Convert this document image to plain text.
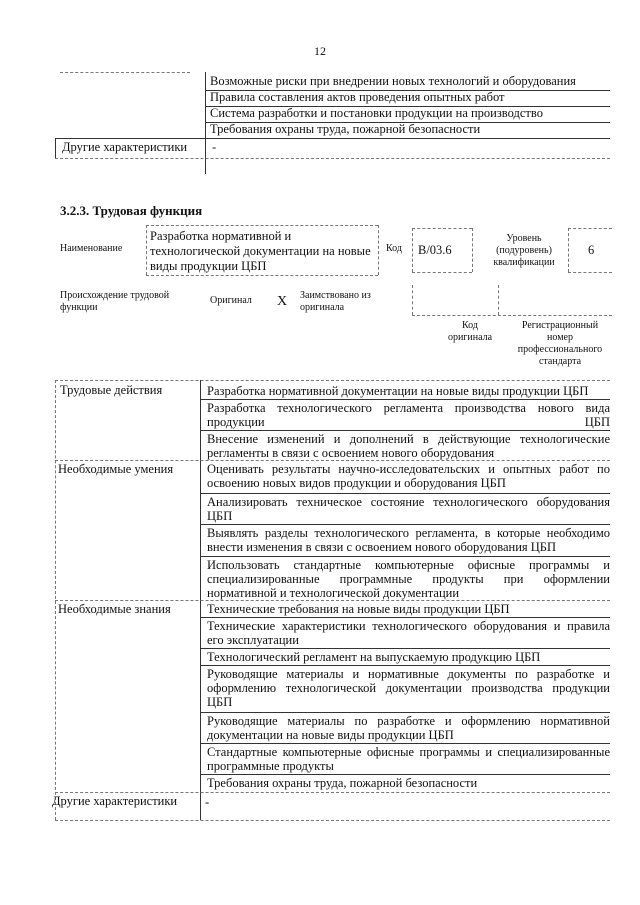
12
Возможные риски при внедрении новых технологий и оборудования
Правила составления актов проведения опытных работ
Система разработки и постановки продукции на производство
Требования охраны труда, пожарной безопасности
Другие характеристики -
3.2.3. Трудовая функция
Наименование
Разработка нормативной и технологической документации на новые виды продукции ЦБП
Код B/03.6
Уровень (подуровень) квалификации
6
Происхождение трудовой функции
Оригинал X Заимствовано из оригинала
Код оригинала
Регистрационный номер профессионального стандарта
Трудовые действия	Разработка нормативной документации на новые виды продукции ЦБП
Разработка технологического регламента производства нового вида продукции ЦБП
Внесение изменений и дополнений в действующие технологические регламенты в связи с освоением нового оборудования
Необходимые умения	Оценивать результаты научно-исследовательских и опытных работ по освоению новых видов продукции и оборудования ЦБП
Анализировать техническое состояние технологического оборудования ЦБП
Выявлять разделы технологического регламента, в которые необходимо внести изменения в связи с освоением нового оборудования ЦБП
Использовать стандартные компьютерные офисные программы и специализированные программные продукты при оформлении нормативной и технологической документации
Необходимые знания	Технические требования на новые виды продукции ЦБП
Технические характеристики технологического оборудования и правила его эксплуатации
Технологический регламент на выпускаемую продукцию ЦБП
Руководящие материалы и нормативные документы по разработке и оформлению технологической документации производства продукции ЦБП
Руководящие материалы по разработке и оформлению нормативной документации на новые виды продукции ЦБП
Стандартные компьютерные офисные программы и специализированные программные продукты
Требования охраны труда, пожарной безопасности
Другие характеристики -
